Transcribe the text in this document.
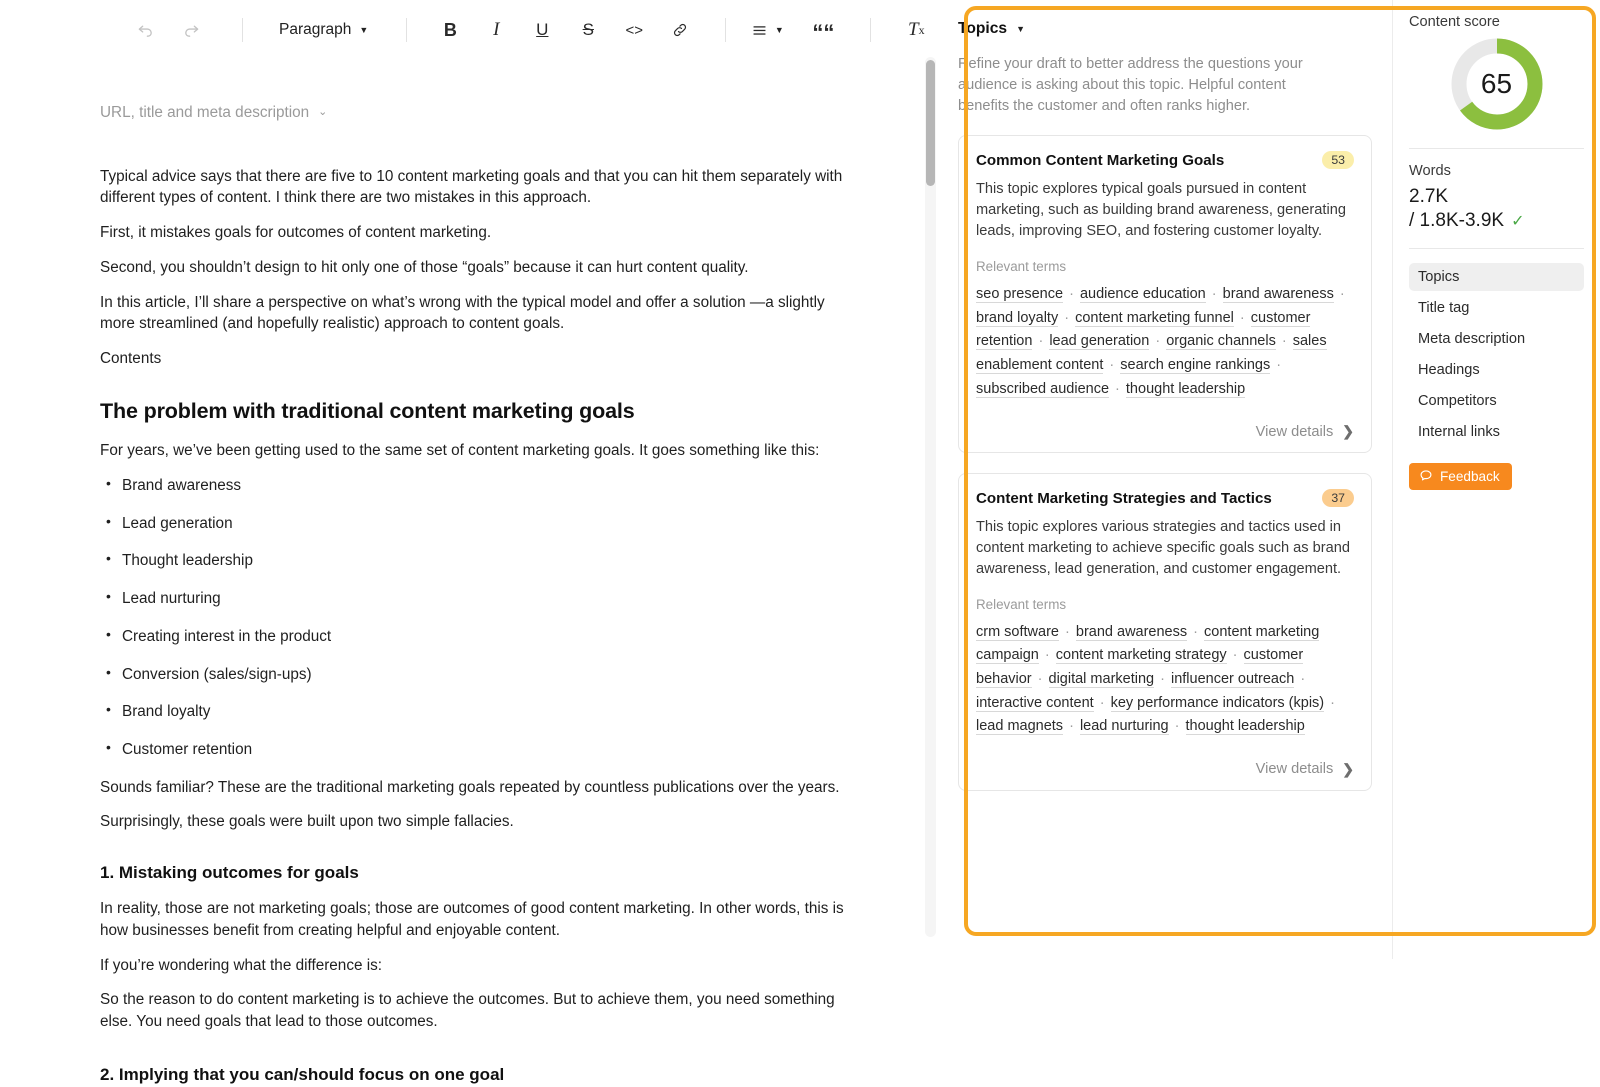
Paragraph ▼	B I U S <>	▼ ““	T x
URL, title and meta description ⌄

Typical advice says that there are five to 10 content marketing goals and that you can hit them separately with different types of content. I think there are two mistakes in this approach.

First, it mistakes goals for outcomes of content marketing.

Second, you shouldn’t design to hit only one of those “goals” because it can hurt content quality.

In this article, I’ll share a perspective on what’s wrong with the typical model and offer a solution —a slightly more streamlined (and hopefully realistic) approach to content goals.

Contents

The problem with traditional content marketing goals

For years, we’ve been getting used to the same set of content marketing goals. It goes something like this:

• Brand awareness
• Lead generation
• Thought leadership
• Lead nurturing
• Creating interest in the product
• Conversion (sales/sign-ups)
• Brand loyalty
• Customer retention

Sounds familiar? These are the traditional marketing goals repeated by countless publications over the years.

Surprisingly, these goals were built upon two simple fallacies.

1. Mistaking outcomes for goals

In reality, those are not marketing goals; those are outcomes of good content marketing. In other words, this is how businesses benefit from creating helpful and enjoyable content.

If you’re wondering what the difference is:

So the reason to do content marketing is to achieve the outcomes. But to achieve them, you need something else. You need goals that lead to those outcomes.

2. Implying that you can/should focus on one goal
Topics ▼
Refine your draft to better address the questions your audience is asking about this topic. Helpful content benefits the customer and often ranks higher.
Common Content Marketing Goals	53
This topic explores typical goals pursued in content marketing, such as building brand awareness, generating leads, improving SEO, and fostering customer loyalty.
Relevant terms
seo presence · audience education · brand awareness · brand loyalty · content marketing funnel · customer retention · lead generation · organic channels · sales enablement content · search engine rankings · subscribed audience · thought leadership
View details ❯
Content Marketing Strategies and Tactics	37
This topic explores various strategies and tactics used in content marketing to achieve specific goals such as brand awareness, lead generation, and customer engagement.
Relevant terms
crm software · brand awareness · content marketing campaign · content marketing strategy · customer behavior · digital marketing · influencer outreach · interactive content · key performance indicators (kpis) · lead magnets · lead nurturing · thought leadership
View details ❯
Content score
65
Words
2.7K
/ 1.8K-3.9K ✓
Topics
Title tag
Meta description
Headings
Competitors
Internal links
Feedback
